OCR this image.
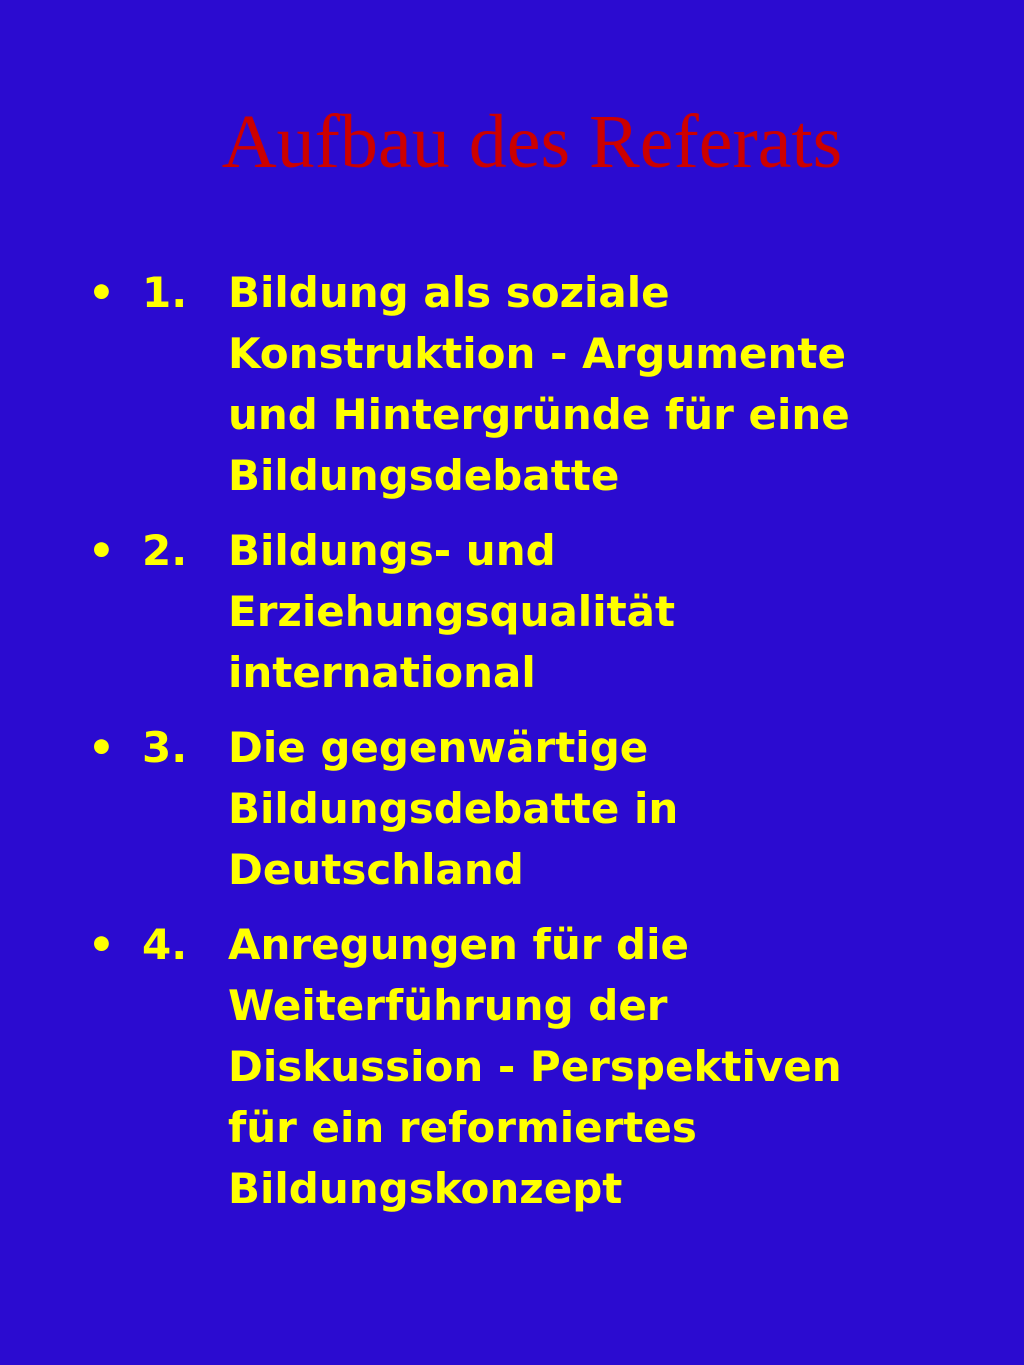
Aufbau des Referats
• 1. Bildung als soziale
Konstruktion - Argumente
und Hintergründe für eine
Bildungsdebatte
• 2. Bildungs- und
Erziehungsqualität
international
• 3. Die gegenwärtige
Bildungsdebatte in
Deutschland
• 4. Anregungen für die
Weiterführung der
Diskussion - Perspektiven
für ein reformiertes
Bildungskonzept
